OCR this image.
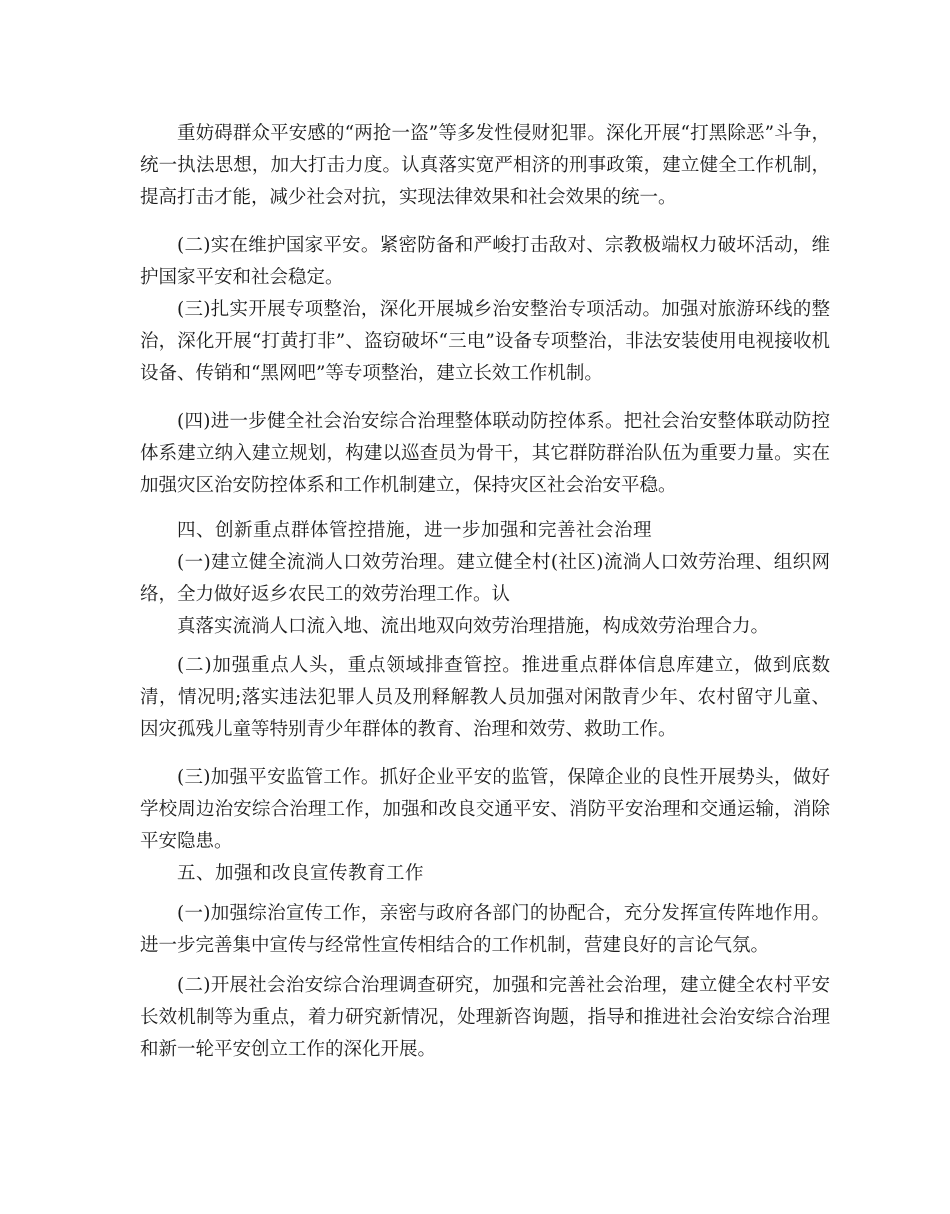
重妨碍群众平安感的“两抢一盗”等多发性侵财犯罪。深化开展“打黑除恶”斗争，统一执法思想，加大打击力度。认真落实宽严相济的刑事政策，建立健全工作机制，提高打击才能，减少社会对抗，实现法律效果和社会效果的统一。

(二)实在维护国家平安。紧密防备和严峻打击敌对、宗教极端权力破坏活动，维护国家平安和社会稳定。

(三)扎实开展专项整治，深化开展城乡治安整治专项活动。加强对旅游环线的整治，深化开展“打黄打非”、盗窃破坏“三电”设备专项整治，非法安装使用电视接收机设备、传销和“黑网吧”等专项整治，建立长效工作机制。

(四)进一步健全社会治安综合治理整体联动防控体系。把社会治安整体联动防控体系建立纳入建立规划，构建以巡查员为骨干，其它群防群治队伍为重要力量。实在加强灾区治安防控体系和工作机制建立，保持灾区社会治安平稳。

四、创新重点群体管控措施，进一步加强和完善社会治理

(一)建立健全流淌人口效劳治理。建立健全村(社区)流淌人口效劳治理、组织网络，全力做好返乡农民工的效劳治理工作。认

真落实流淌人口流入地、流出地双向效劳治理措施，构成效劳治理合力。

(二)加强重点人头，重点领域排查管控。推进重点群体信息库建立，做到底数清，情况明;落实违法犯罪人员及刑释解教人员加强对闲散青少年、农村留守儿童、因灾孤残儿童等特别青少年群体的教育、治理和效劳、救助工作。

(三)加强平安监管工作。抓好企业平安的监管，保障企业的良性开展势头，做好学校周边治安综合治理工作，加强和改良交通平安、消防平安治理和交通运输，消除平安隐患。

五、加强和改良宣传教育工作

(一)加强综治宣传工作，亲密与政府各部门的协配合，充分发挥宣传阵地作用。进一步完善集中宣传与经常性宣传相结合的工作机制，营建良好的言论气氛。

(二)开展社会治安综合治理调查研究，加强和完善社会治理，建立健全农村平安长效机制等为重点，着力研究新情况，处理新咨询题，指导和推进社会治安综合治理和新一轮平安创立工作的深化开展。
